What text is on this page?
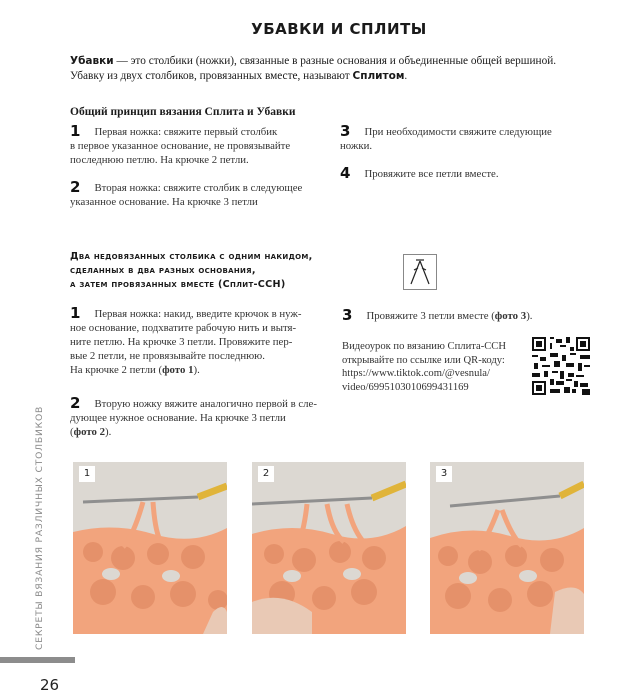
УБАВКИ И СПЛИТЫ
Убавки — это столбики (ножки), связанные в разные основания и объединенные общей вершиной.
Убавку из двух столбиков, провязанных вместе, называют Сплитом.
Общий принцип вязания Сплита и Убавки
1 Первая ножка: свяжите первый столбик
в первое указанное основание, не провязывайте
последнюю петлю. На крючке 2 петли.
2 Вторая ножка: свяжите столбик в следующее
указанное основание. На крючке 3 петли
3 При необходимости свяжите следующие
ножки.
4 Провяжите все петли вместе.
Два недовязанных столбика с одним накидом,
сделанных в два разных основания,
а затем провязанных вместе (Сплит-ССН)
1 Первая ножка: накид, введите крючок в нуж-
ное основание, подхватите рабочую нить и вытя-
ните петлю. На крючке 3 петли. Провяжите пер-
вые 2 петли, не провязывайте последнюю.
На крючке 2 петли (фото 1).
2 Вторую ножку вяжите аналогично первой в сле-
дующее нужное основание. На крючке 3 петли
(фото 2).
3 Провяжите 3 петли вместе (фото 3).
Видеоурок по вязанию Сплита-ССН
открывайте по ссылке или QR-коду:
https://www.tiktok.com/@vesnula/
video/6995103010699431169
1	2	3
СЕКРЕТЫ ВЯЗАНИЯ РАЗЛИЧНЫХ СТОЛБИКОВ
26
